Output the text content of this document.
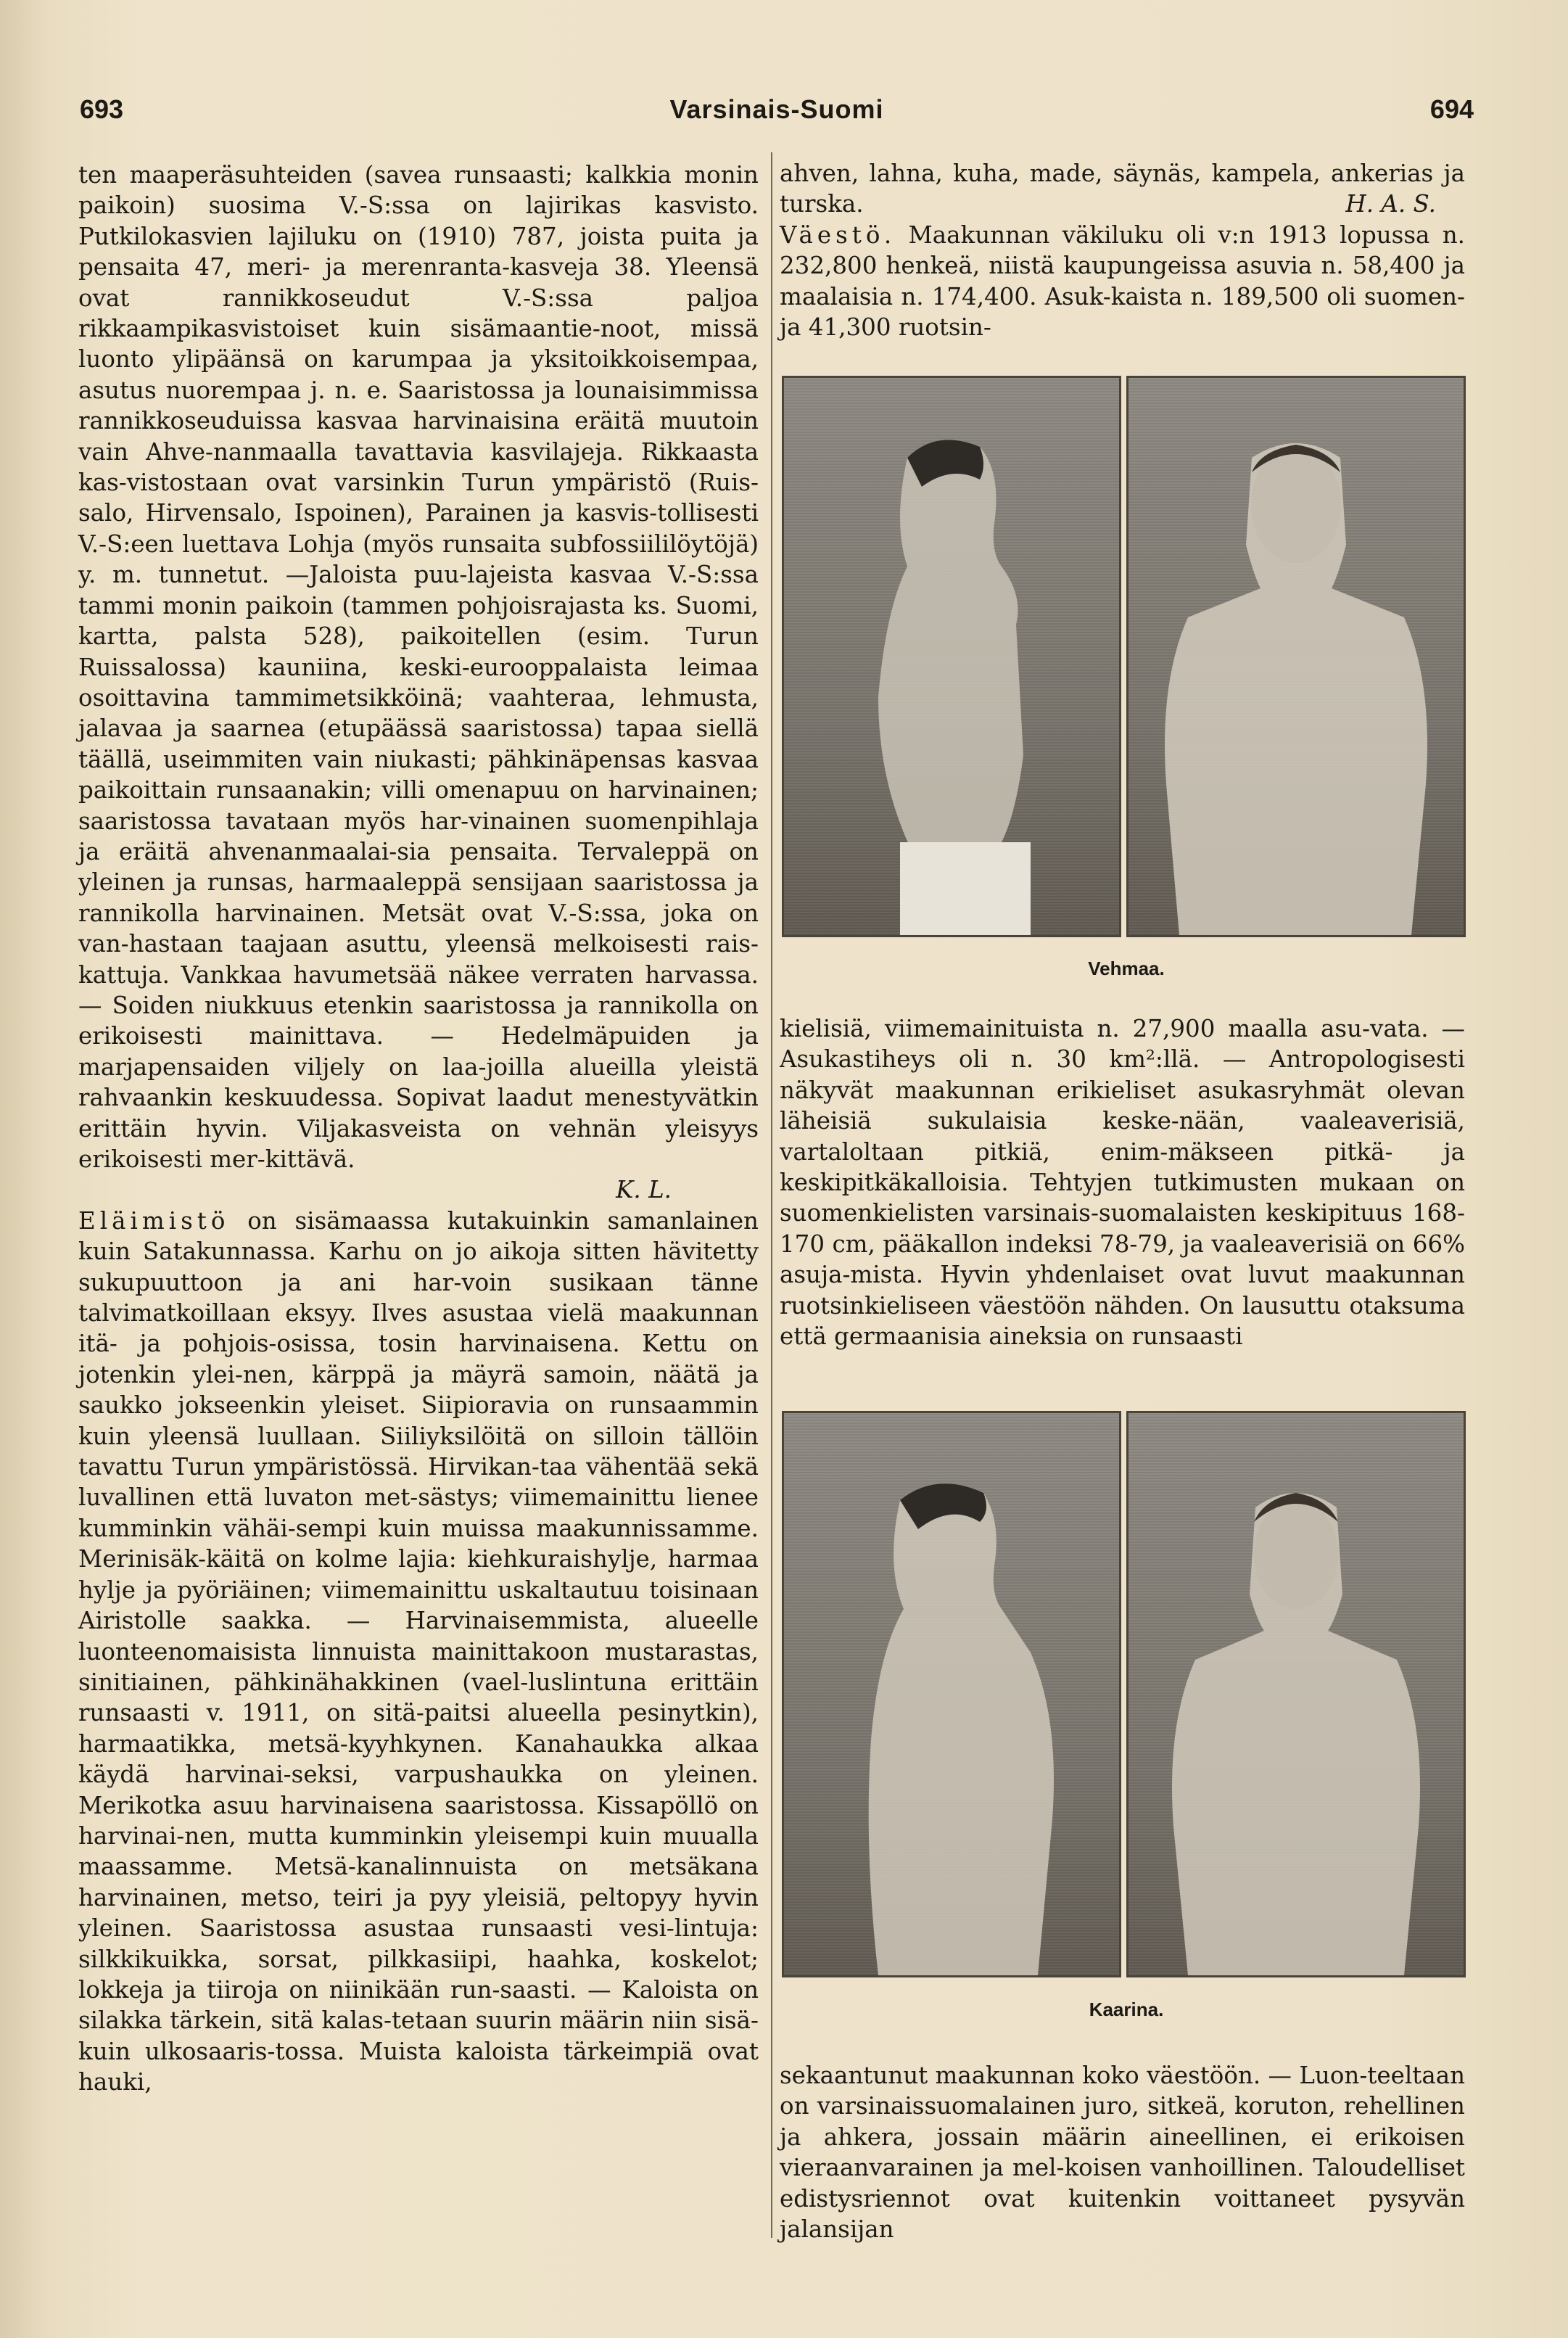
693	Varsinais-Suomi	694

ten maaperäsuhteiden (savea runsaasti; kalkkia monin paikoin) suosima V.-S:ssa on lajirikas kasvisto. Putkilokasvien lajiluku on (1910) 787, joista puita ja pensaita 47, meri- ja merenranta-kasveja 38. Yleensä ovat rannikkoseudut V.-S:ssa paljoa rikkaampikasvistoiset kuin sisämaantie-noot, missä luonto ylipäänsä on karumpaa ja yksitoikkoisempaa, asutus nuorempaa j. n. e. Saaristossa ja lounaisimmissa rannikkoseuduissa kasvaa harvinaisina eräitä muutoin vain Ahve-nanmaalla tavattavia kasvilajeja. Rikkaasta kas-vistostaan ovat varsinkin Turun ympäristö (Ruis-salo, Hirvensalo, Ispoinen), Parainen ja kasvis-tollisesti V.-S:een luettava Lohja (myös runsaita subfossiililöytöjä) y. m. tunnetut. —Jaloista puu-lajeista kasvaa V.-S:ssa tammi monin paikoin (tammen pohjoisrajasta ks. Suomi, kartta, palsta 528), paikoitellen (esim. Turun Ruissalossa) kauniina, keski-eurooppalaista leimaa osoittavina tammimetsikköinä; vaahteraa, lehmusta, jalavaa ja saarnea (etupäässä saaristossa) tapaa siellä täällä, useimmiten vain niukasti; pähkinäpensas kasvaa paikoittain runsaanakin; villi omenapuu on harvinainen; saaristossa tavataan myös har-vinainen suomenpihlaja ja eräitä ahvenanmaalai-sia pensaita. Tervaleppä on yleinen ja runsas, harmaaleppä sensijaan saaristossa ja rannikolla harvinainen. Metsät ovat V.-S:ssa, joka on van-hastaan taajaan asuttu, yleensä melkoisesti rais-kattuja. Vankkaa havumetsää näkee verraten harvassa. — Soiden niukkuus etenkin saaristossa ja rannikolla on erikoisesti mainittava. — Hedelmäpuiden ja marjapensaiden viljely on laa-joilla alueilla yleistä rahvaankin keskuudessa. Sopivat laadut menestyvätkin erittäin hyvin. Viljakasveista on vehnän yleisyys erikoisesti mer-kittävä.

K. L.

Eläimistö on sisämaassa kutakuinkin samanlainen kuin Satakunnassa. Karhu on jo aikoja sitten hävitetty sukupuuttoon ja ani har-voin susikaan tänne talvimatkoillaan eksyy. Ilves asustaa vielä maakunnan itä- ja pohjois-osissa, tosin harvinaisena. Kettu on jotenkin ylei-nen, kärppä ja mäyrä samoin, näätä ja saukko jokseenkin yleiset. Siipioravia on runsaammin kuin yleensä luullaan. Siiliyksilöitä on silloin tällöin tavattu Turun ympäristössä. Hirvikan-taa vähentää sekä luvallinen että luvaton met-sästys; viimemainittu lienee kumminkin vähäi-sempi kuin muissa maakunnissamme. Merinisäk-käitä on kolme lajia: kiehkuraishylje, harmaa hylje ja pyöriäinen; viimemainittu uskaltautuu toisinaan Airistolle saakka. — Harvinaisemmista, alueelle luonteenomaisista linnuista mainittakoon mustarastas, sinitiainen, pähkinähakkinen (vael-luslintuna erittäin runsaasti v. 1911, on sitä-paitsi alueella pesinytkin), harmaatikka, metsä-kyyhkynen. Kanahaukka alkaa käydä harvinai-seksi, varpushaukka on yleinen. Merikotka asuu harvinaisena saaristossa. Kissapöllö on harvinai-nen, mutta kumminkin yleisempi kuin muualla maassamme. Metsä-kanalinnuista on metsäkana harvinainen, metso, teiri ja pyy yleisiä, peltopyy hyvin yleinen. Saaristossa asustaa runsaasti vesi-lintuja: silkkikuikka, sorsat, pilkkasiipi, haahka, koskelot; lokkeja ja tiiroja on niinikään run-saasti. — Kaloista on silakka tärkein, sitä kalas-tetaan suurin määrin niin sisä- kuin ulkosaaris-tossa. Muista kaloista tärkeimpiä ovat hauki,

ahven, lahna, kuha, made, säynäs, kampela, ankerias ja turska.	H. A. S.

Väestö. Maakunnan väkiluku oli v:n 1913 lopussa n. 232,800 henkeä, niistä kaupungeissa asuvia n. 58,400 ja maalaisia n. 174,400. Asuk-kaista n. 189,500 oli suomen- ja 41,300 ruotsin-

Vehmaa.

kielisiä, viimemainituista n. 27,900 maalla asu-vata. — Asukastiheys oli n. 30 km²:llä. — Antropologisesti näkyvät maakunnan erikieliset asukasryhmät olevan läheisiä sukulaisia keske-nään, vaaleaverisiä, vartaloltaan pitkiä, enim-mäkseen pitkä- ja keskipitkäkalloisia. Tehtyjen tutkimusten mukaan on suomenkielisten varsinais-suomalaisten keskipituus 168-170 cm, pääkallon indeksi 78-79, ja vaaleaverisiä on 66% asuja-mista. Hyvin yhdenlaiset ovat luvut maakunnan ruotsinkieliseen väestöön nähden. On lausuttu otaksuma että germaanisia aineksia on runsaasti

Kaarina.

sekaantunut maakunnan koko väestöön. — Luon-teeltaan on varsinaissuomalainen juro, sitkeä, koruton, rehellinen ja ahkera, jossain määrin aineellinen, ei erikoisen vieraanvarainen ja mel-koisen vanhoillinen. Taloudelliset edistysriennot ovat kuitenkin voittaneet pysyvän jalansijan
